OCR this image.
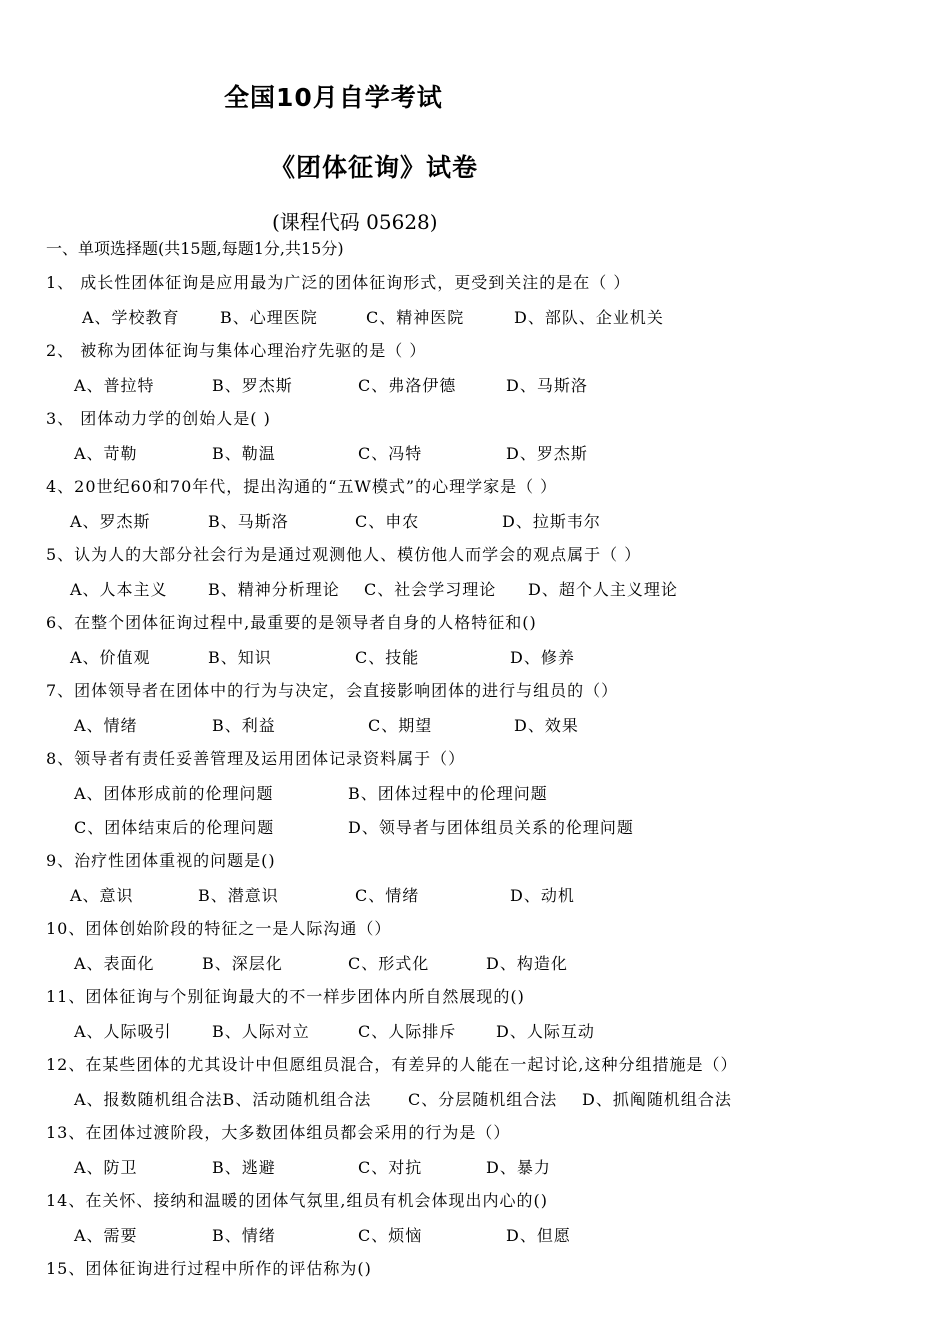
全国10月自学考试
《团体征询》试卷
(课程代码 05628)
一、单项选择题(共15题,每题1分,共15分)
1、 成长性团体征询是应用最为广泛的团体征询形式，更受到关注的是在（ ）
A、学校教育	B、心理医院	C、精神医院	D、部队、企业机关
2、 被称为团体征询与集体心理治疗先驱的是（ ）
A、普拉特	B、罗杰斯	C、弗洛伊德	D、马斯洛
3、 团体动力学的创始人是( )
A、苛勒	B、勒温	C、冯特	D、罗杰斯
4、20世纪60和70年代，提出沟通的“五W模式”的心理学家是（ ）
A、罗杰斯	B、马斯洛	C、申农	D、拉斯韦尔
5、认为人的大部分社会行为是通过观测他人、模仿他人而学会的观点属于（ ）
A、人本主义	B、精神分析理论 C、社会学习理论 D、超个人主义理论
6、在整个团体征询过程中,最重要的是领导者自身的人格特征和()
A、价值观	B、知识	C、技能	D、修养
7、团体领导者在团体中的行为与决定，会直接影响团体的进行与组员的（）
A、情绪	B、利益	C、期望	D、效果
8、领导者有责任妥善管理及运用团体记录资料属于（）
A、团体形成前的伦理问题	B、团体过程中的伦理问题
C、团体结束后的伦理问题	D、领导者与团体组员关系的伦理问题
9、治疗性团体重视的问题是()
A、意识	B、潜意识	C、情绪	D、动机
10、团体创始阶段的特征之一是人际沟通（）
A、表面化	B、深层化	C、形式化	D、构造化
11、团体征询与个别征询最大的不一样步团体内所自然展现的()
A、人际吸引	B、人际对立	C、人际排斥 D、人际互动
12、在某些团体的尤其设计中但愿组员混合，有差异的人能在一起讨论,这种分组措施是（）
A、报数随机组合法B、活动随机组合法 C、分层随机组合法 D、抓阄随机组合法
13、在团体过渡阶段，大多数团体组员都会采用的行为是（）
A、防卫	B、逃避	C、对抗	D、暴力
14、在关怀、接纳和温暖的团体气氛里,组员有机会体现出内心的()
A、需要	B、情绪	C、烦恼	D、但愿
15、团体征询进行过程中所作的评估称为()
